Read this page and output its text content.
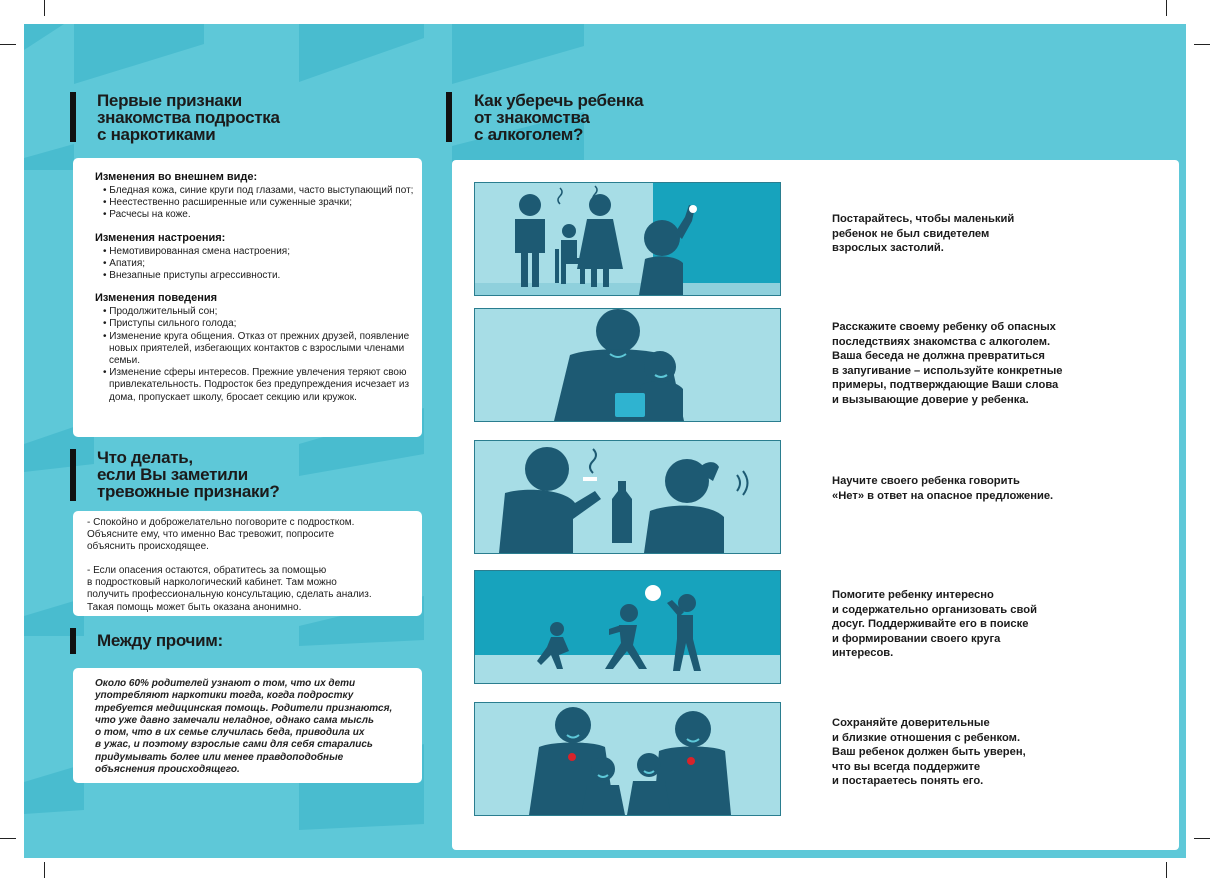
Первые признаки
знакомства подростка
с наркотиками
Изменения во внешнем виде:
• Бледная кожа, синие круги под глазами, часто выступающий пот;
• Неестественно расширенные или суженные зрачки;
• Расчесы на коже.
Изменения настроения:
• Немотивированная смена настроения;
• Апатия;
• Внезапные приступы агрессивности.
Изменения поведения
• Продолжительный сон;
• Приступы сильного голода;
• Изменение круга общения. Отказ от прежних друзей, появление новых приятелей, избегающих контактов с взрослыми членами семьи.
• Изменение сферы интересов. Прежние увлечения теряют свою привлекательность. Подросток без предупреждения исчезает из дома, пропускает школу, бросает секцию или кружок.
Что делать,
если Вы заметили
тревожные признаки?
- Спокойно и доброжелательно поговорите с подростком.
Объясните ему, что именно Вас тревожит, попросите
объяснить происходящее.
- Если опасения остаются, обратитесь за помощью
в подростковый наркологический кабинет. Там можно
получить профессиональную консультацию, сделать анализ.
Такая помощь может быть оказана анонимно.
Между прочим:
Около 60% родителей узнают о том, что их дети
употребляют наркотики тогда, когда подростку
требуется медицинская помощь. Родители признаются,
что уже давно замечали неладное, однако сама мысль
о том, что в их семье случилась беда, приводила их
в ужас, и поэтому взрослые сами для себя старались
придумывать более или менее правдоподобные
объяснения происходящего.
Как уберечь ребенка
от знакомства
с алкоголем?
Постарайтесь, чтобы маленький
ребенок не был свидетелем
взрослых застолий.
Расскажите своему ребенку об опасных
последствиях знакомства с алкоголем.
Ваша беседа не должна превратиться
в запугивание – используйте конкретные
примеры, подтверждающие Ваши слова
и вызывающие доверие у ребенка.
Научите своего ребенка говорить
«Нет» в ответ на опасное предложение.
Помогите ребенку интересно
и содержательно организовать свой
досуг. Поддерживайте его в поиске
и формировании своего круга
интересов.
Сохраняйте доверительные
и близкие отношения с ребенком.
Ваш ребенок должен быть уверен,
что вы всегда поддержите
и постараетесь понять его.
